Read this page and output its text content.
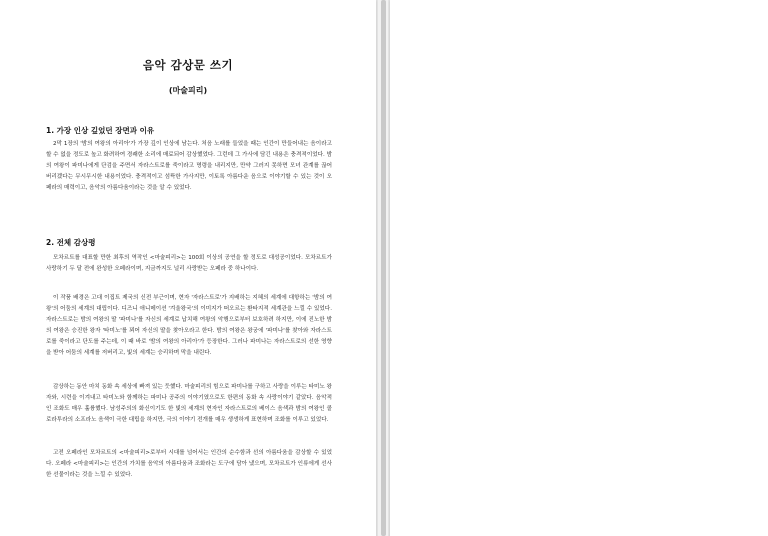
음악 감상문 쓰기
(마술피리)
1. 가장 인상 깊었던 장면과 이유

2막 1장의 '밤의 여왕의 아리아'가 가장 깊이 인상에 남는다. 처음 노래를 들었을 때는 인간이 만들어내는 음이라고 할 수 없을 정도로 높고 화려하여 경쾌한 소리에 매료되어 감상했었다. 그런데 그 가사에 담긴 내용은 충격적이었다. 밤의 여왕이 파미나에게 단검을 주면서 자라스트로를 죽이라고 명령을 내리지만, 만약 그러지 못하면 모녀 관계를 끊어버리겠다는 무시무시한 내용이었다. 충격적이고 섬뜩한 가사지만, 이토록 아름다운 음으로 이야기할 수 있는 것이 오페라의 매력이고, 음악의 아름다움이라는 것을 알 수 있었다.

2. 전체 감상평

모차르트를 대표할 만한 최후의 역작인 <마술피리>는 100회 이상의 공연을 할 정도로 대성공이었다. 모차르트가 사랑하기 두 달 전에 완성한 오페라이며, 지금까지도 널리 사랑받는 오페라 중 하나이다.

이 작품 배경은 고대 이집트 제국의 신전 부근이며, 현자 '자라스트로'가 지배하는 지혜의 세계에 대항하는 '밤의 여왕'의 어둠의 세계의 대립이다. 디즈니 애니메이션 '겨울왕국'의 이미지가 떠오르는 환타지적 세계관을 느낄 수 있었다. 자라스트로는 밤의 여왕의 딸 '파미나'를 자신의 세계로 납치해 여왕의 악행으로부터 보호하려 하지만, 이에 진노한 밤의 여왕은 승진한 왕자 '타미노'를 꾀어 자신의 딸을 찾아오라고 한다. 밤의 여왕은 왕궁에 '파미나'를 찾아와 자라스트로를 죽이라고 단도를 주는데, 이 때 바로 '밤의 여왕의 아리아'가 등장한다. 그러나 파미나는 자라스트로의 선한 영향을 받아 어둠의 세계를 저버리고, 빛의 세계는 승리하며 막을 내린다.

감상하는 동안 마치 동화 속 세상에 빠져 있는 듯했다. 마술피리의 힘으로 파미나를 구하고 사랑을 이루는 타미노 왕자와, 시련을 이겨내고 타미노와 함께하는 파미나 공주의 이야기였으로도 한편의 동화 속 사랑이야기 같았다. 음악적인 조화도 매우 훌륭했다. 남성주의의 화신이기도 한 빛의 세계의 현자인 자라스트로의 베이스 음색과 밤의 여왕인 콜로라투라의 소프라노 음색이 극한 대립을 하지만, 극의 이야기 전개를 매우 생생하게 표현하며 조화를 이루고 있었다.

고전 오페라인 모차르트의 <마술피리>로부터 시대를 넘어서는 인간의 순수함과 선의 아름다움을 감상할 수 있었다. 오페라 <마술피리>는 인간의 가치를 음악의 아름다움과 조화라는 도구에 담아 냈으며, 모차르트가 인류에게 선사한 선물이라는 것을 느낄 수 있었다.
